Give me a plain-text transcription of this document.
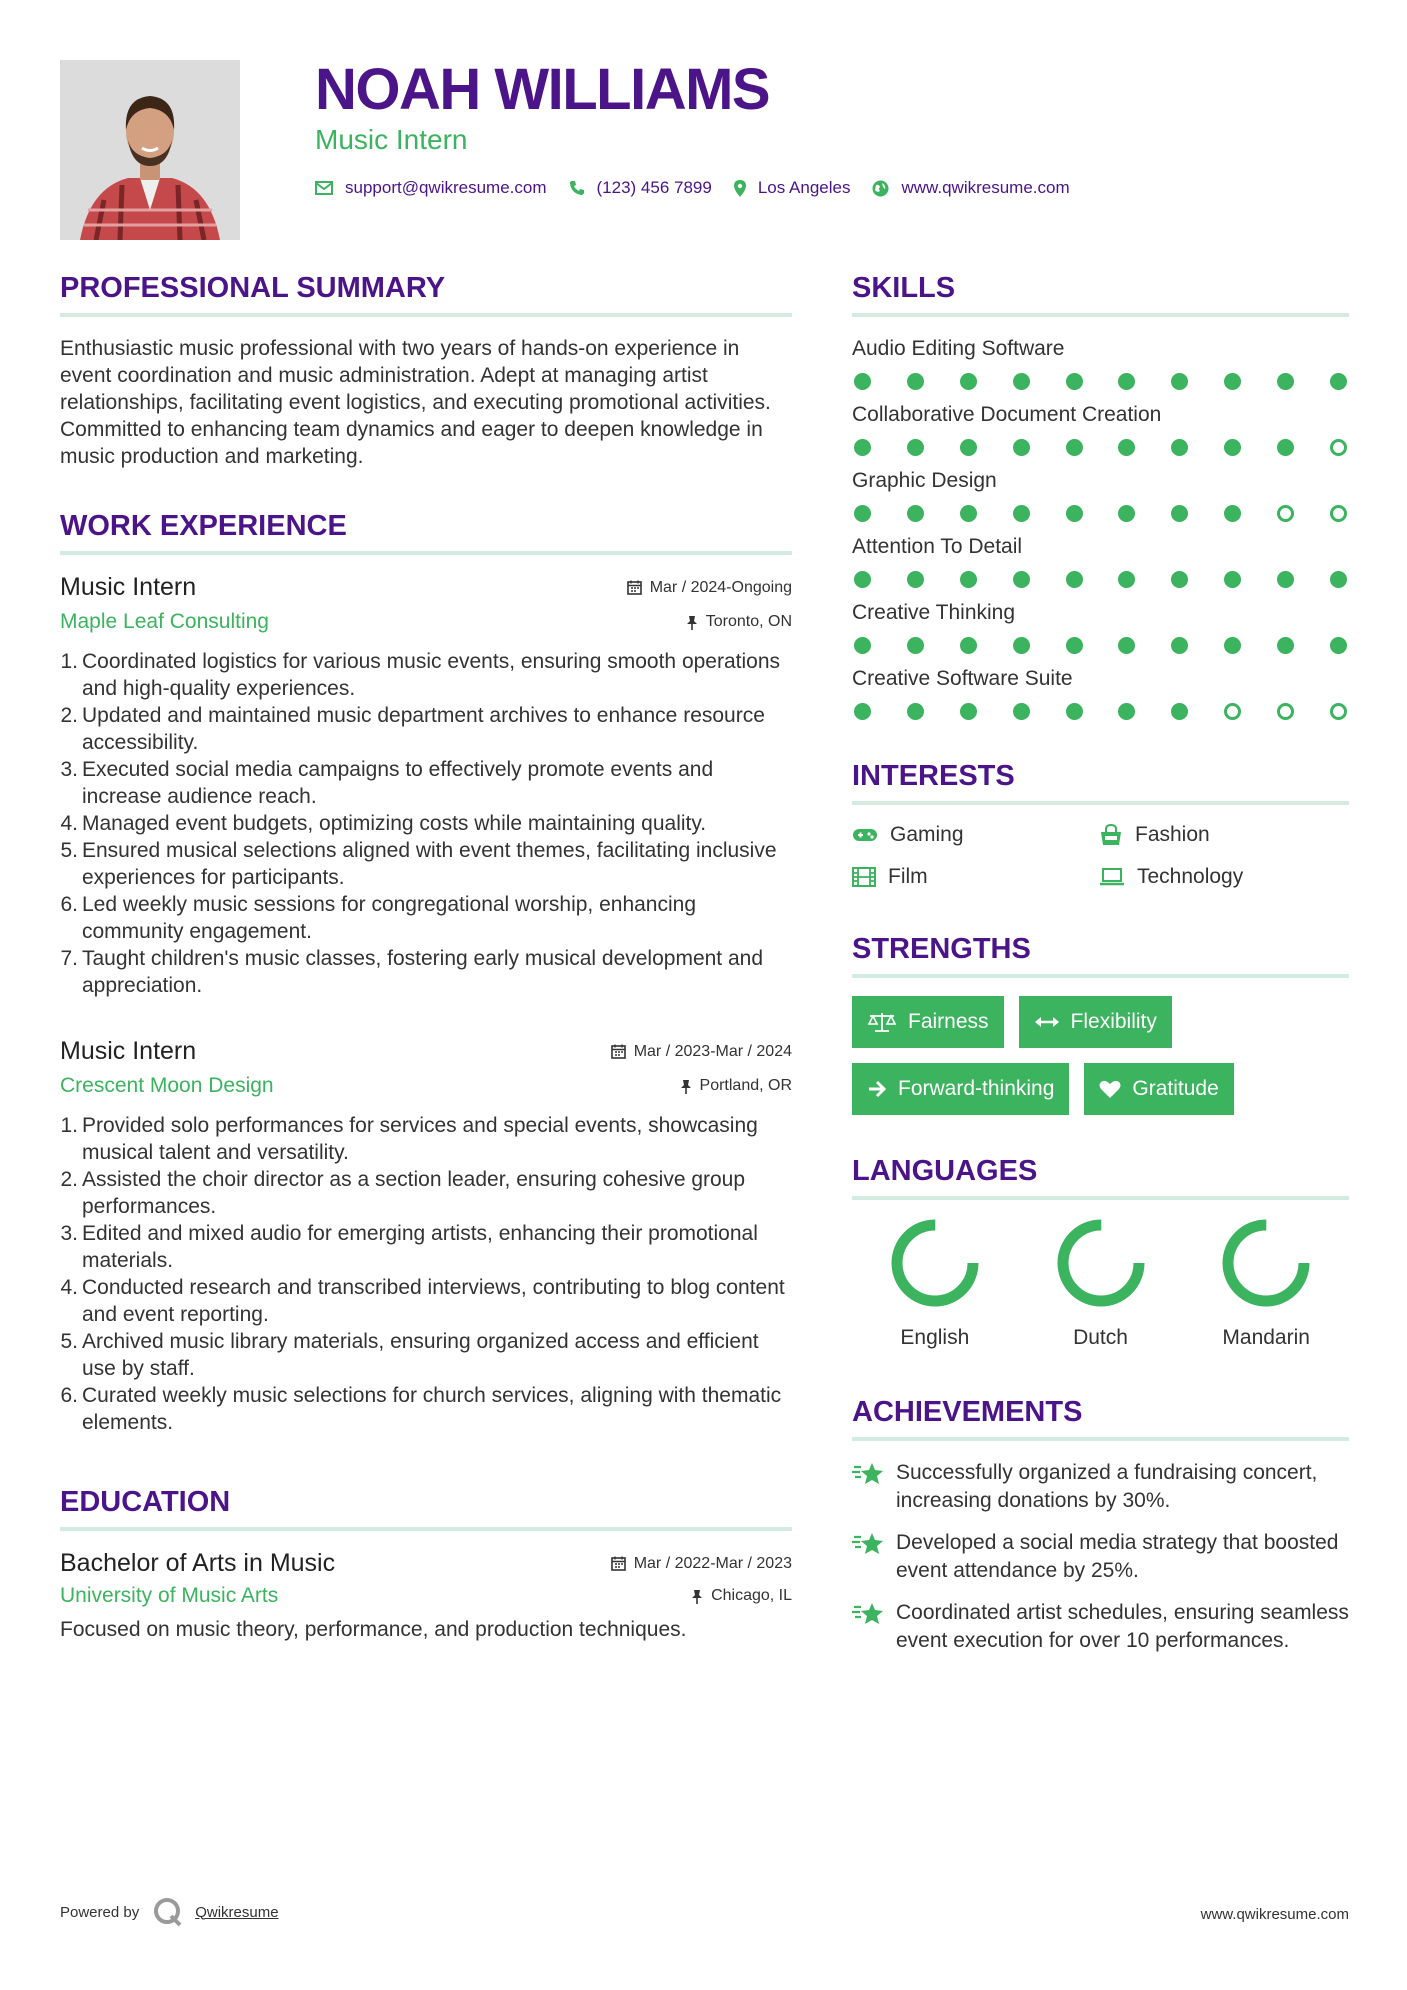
NOAH WILLIAMS
Music Intern
support@qwikresume.com	(123) 456 7899	Los Angeles	www.qwikresume.com
PROFESSIONAL SUMMARY

Enthusiastic music professional with two years of hands-on experience in event coordination and music administration. Adept at managing artist relationships, facilitating event logistics, and executing promotional activities. Committed to enhancing team dynamics and eager to deepen knowledge in music production and marketing.

WORK EXPERIENCE
Music Intern	Mar / 2024-Ongoing
Maple Leaf Consulting	Toronto, ON
1. Coordinated logistics for various music events, ensuring smooth operations and high-quality experiences.
2. Updated and maintained music department archives to enhance resource accessibility.
3. Executed social media campaigns to effectively promote events and increase audience reach.
4. Managed event budgets, optimizing costs while maintaining quality.
5. Ensured musical selections aligned with event themes, facilitating inclusive experiences for participants.
6. Led weekly music sessions for congregational worship, enhancing community engagement.
7. Taught children's music classes, fostering early musical development and appreciation.
Music Intern	Mar / 2023-Mar / 2024
Crescent Moon Design	Portland, OR
1. Provided solo performances for services and special events, showcasing musical talent and versatility.
2. Assisted the choir director as a section leader, ensuring cohesive group performances.
3. Edited and mixed audio for emerging artists, enhancing their promotional materials.
4. Conducted research and transcribed interviews, contributing to blog content and event reporting.
5. Archived music library materials, ensuring organized access and efficient use by staff.
6. Curated weekly music selections for church services, aligning with thematic elements.
EDUCATION
Bachelor of Arts in Music	Mar / 2022-Mar / 2023
University of Music Arts	Chicago, IL

Focused on music theory, performance, and production techniques.

SKILLS
Audio Editing Software
Collaborative Document Creation
Graphic Design
Attention To Detail
Creative Thinking
Creative Software Suite
INTERESTS
Gaming	Fashion
Film	Technology
STRENGTHS
Fairness	Flexibility
Forward-thinking	Gratitude
LANGUAGES
English	Dutch	Mandarin
ACHIEVEMENTS
Successfully organized a fundraising concert, increasing donations by 30%.
Developed a social media strategy that boosted event attendance by 25%.
Coordinated artist schedules, ensuring seamless event execution for over 10 performances.
Powered by	Qwikresume	www.qwikresume.com
